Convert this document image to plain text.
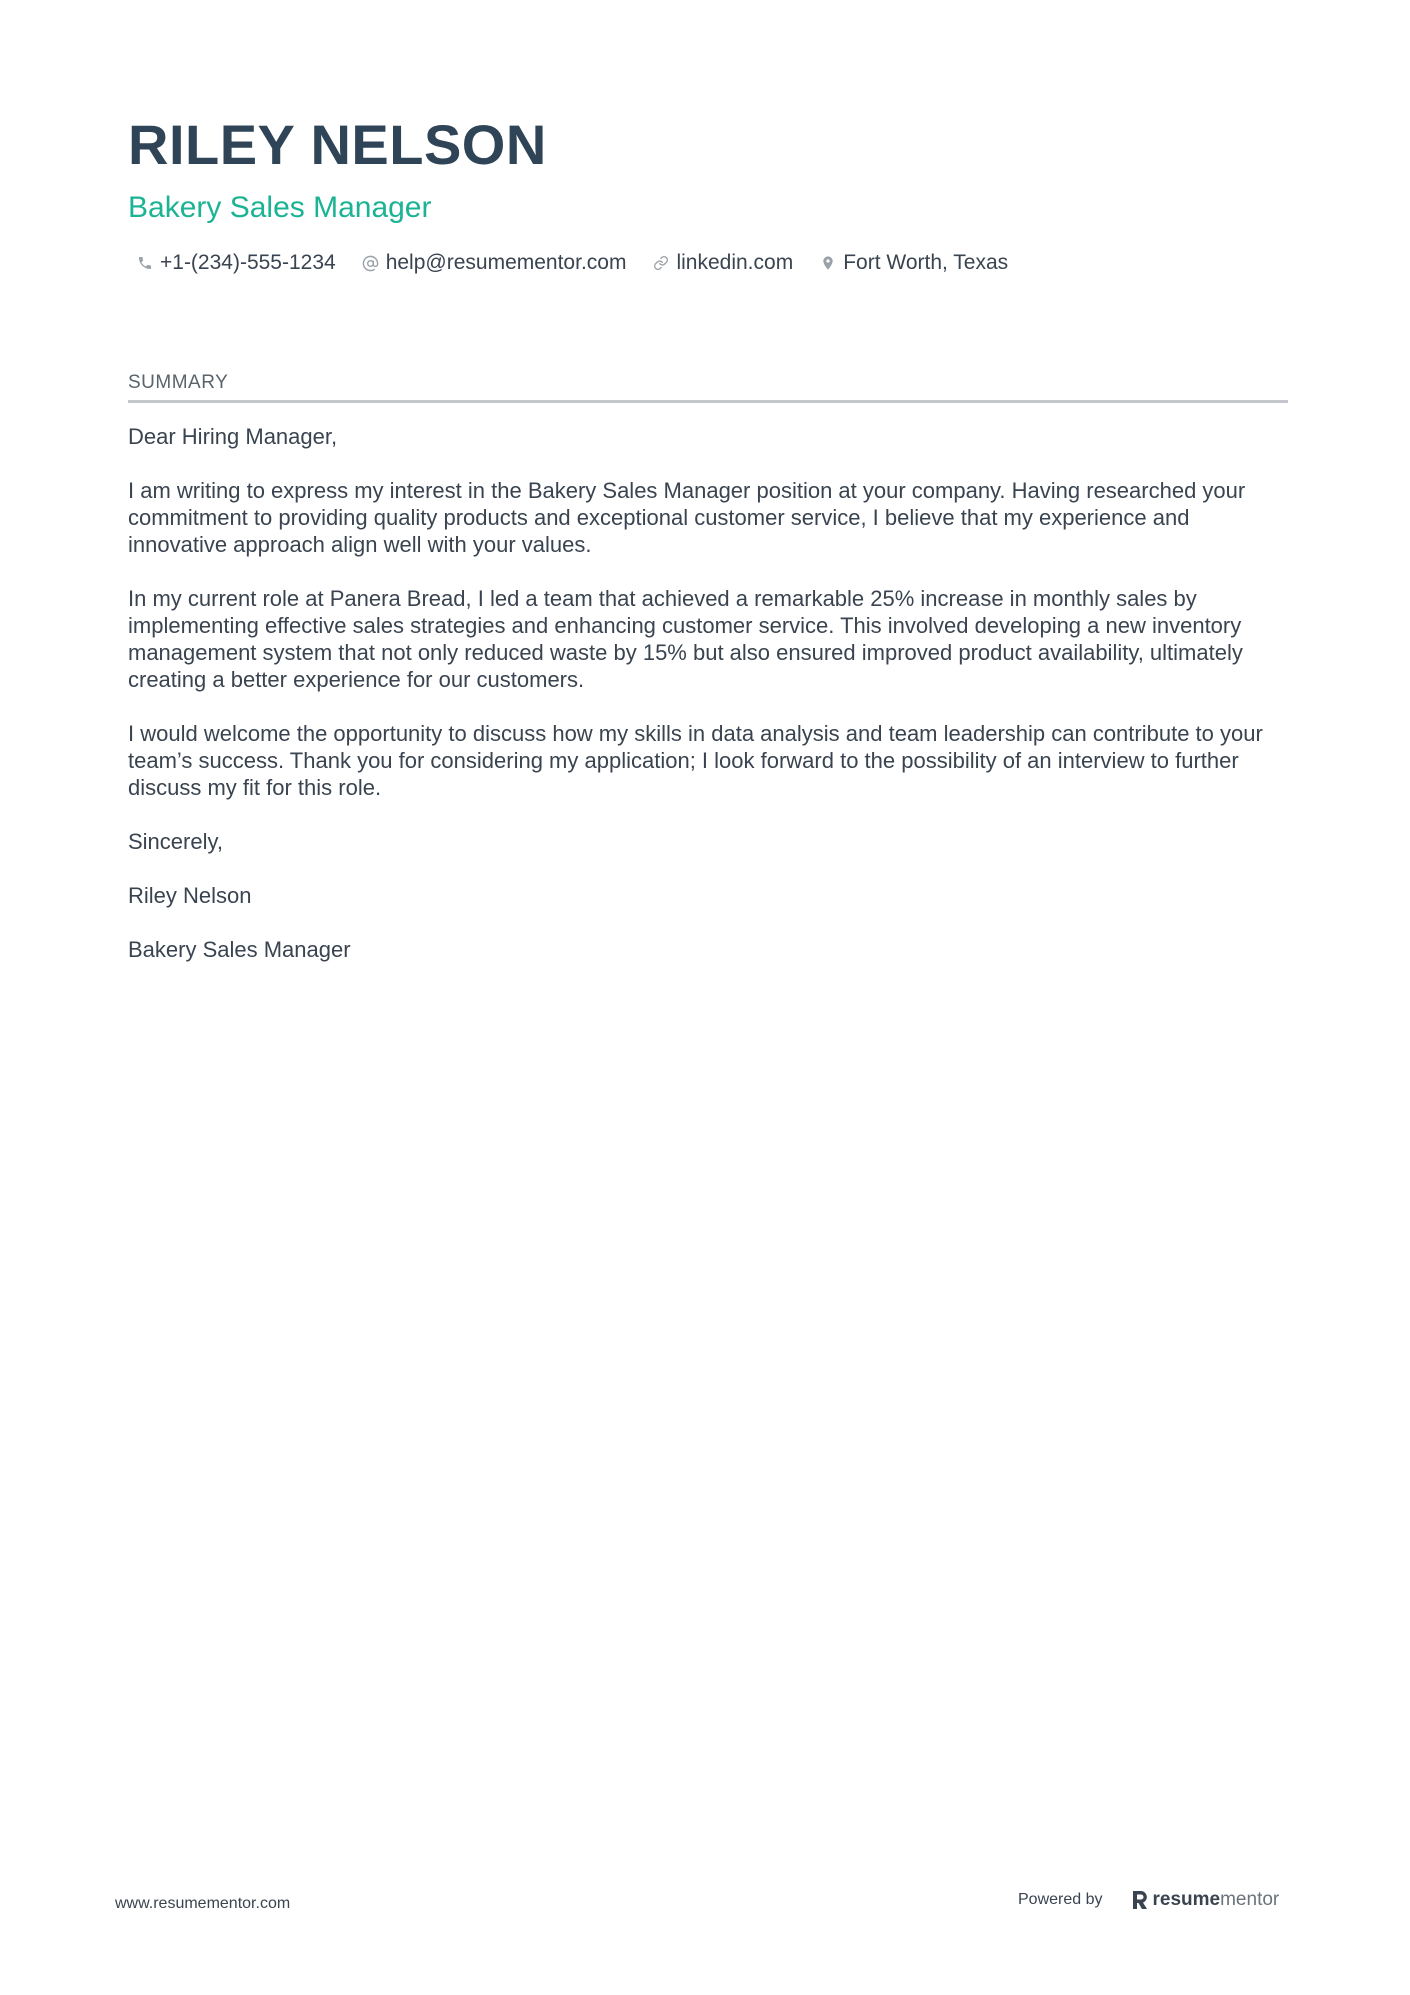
RILEY NELSON
Bakery Sales Manager
+1-(234)-555-1234 help@resumementor.com linkedin.com Fort Worth, Texas
SUMMARY

Dear Hiring Manager,

I am writing to express my interest in the Bakery Sales Manager position at your company. Having researched your commitment to providing quality products and exceptional customer service, I believe that my experience and innovative approach align well with your values.

In my current role at Panera Bread, I led a team that achieved a remarkable 25% increase in monthly sales by implementing effective sales strategies and enhancing customer service. This involved developing a new inventory management system that not only reduced waste by 15% but also ensured improved product availability, ultimately creating a better experience for our customers.

I would welcome the opportunity to discuss how my skills in data analysis and team leadership can contribute to your team’s success. Thank you for considering my application; I look forward to the possibility of an interview to further discuss my fit for this role.

Sincerely,

Riley Nelson

Bakery Sales Manager

www.resumementor.com	Powered by	resume mentor
